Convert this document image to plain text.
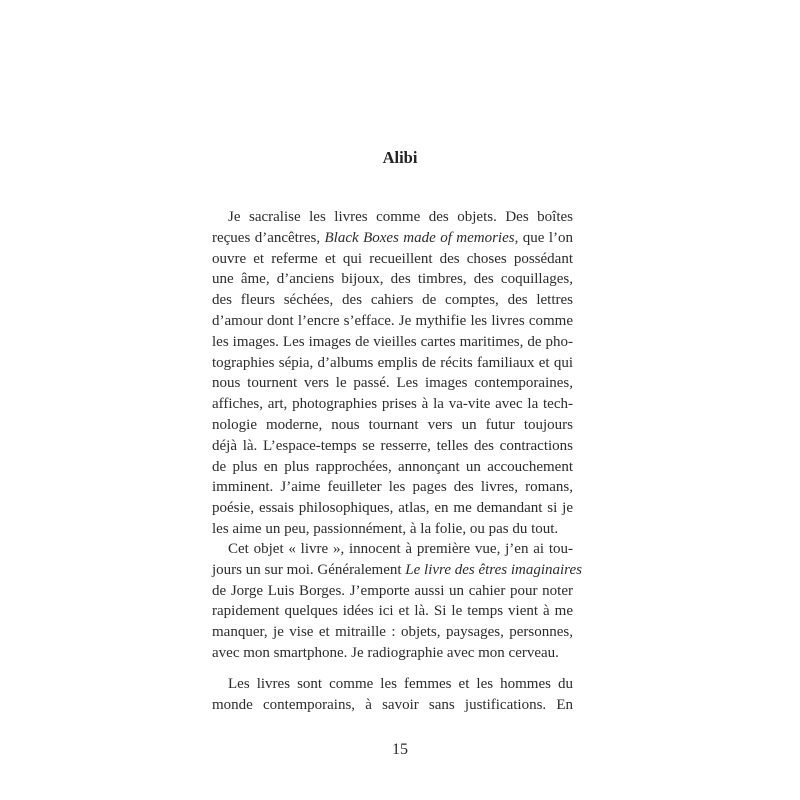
Alibi
Je sacralise les livres comme des objets. Des boîtes
reçues d’ancêtres, Black Boxes made of memories, que l’on
ouvre et referme et qui recueillent des choses possédant
une âme, d’anciens bijoux, des timbres, des coquillages,
des fleurs séchées, des cahiers de comptes, des lettres
d’amour dont l’encre s’efface. Je mythifie les livres comme
les images. Les images de vieilles cartes maritimes, de pho-
tographies sépia, d’albums emplis de récits familiaux et qui
nous tournent vers le passé. Les images contemporaines,
affiches, art, photographies prises à la va-vite avec la tech-
nologie moderne, nous tournant vers un futur toujours
déjà là. L’espace-temps se resserre, telles des contractions
de plus en plus rapprochées, annonçant un accouchement
imminent. J’aime feuilleter les pages des livres, romans,
poésie, essais philosophiques, atlas, en me demandant si je
les aime un peu, passionnément, à la folie, ou pas du tout.
Cet objet « livre », innocent à première vue, j’en ai tou-
jours un sur moi. Généralement Le livre des êtres imaginaires
de Jorge Luis Borges. J’emporte aussi un cahier pour noter
rapidement quelques idées ici et là. Si le temps vient à me
manquer, je vise et mitraille : objets, paysages, personnes,
avec mon smartphone. Je radiographie avec mon cerveau.
Les livres sont comme les femmes et les hommes du
monde contemporains, à savoir sans justifications. En
15
